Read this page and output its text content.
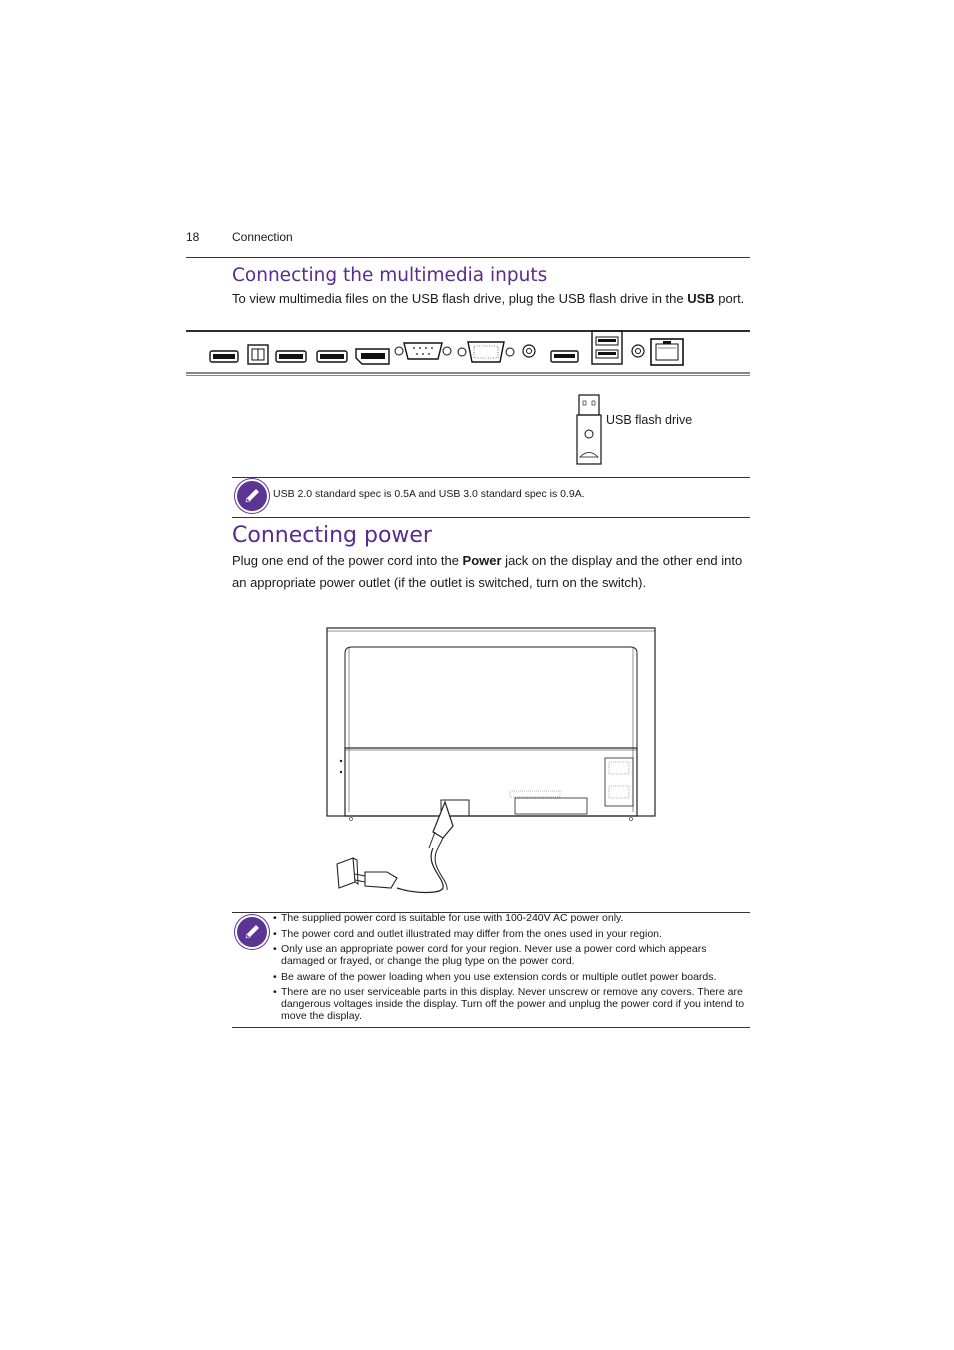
18	Connection
Connecting the multimedia inputs
To view multimedia files on the USB flash drive, plug the USB flash drive in the USB port.
USB flash drive
USB 2.0 standard spec is 0.5A and USB 3.0 standard spec is 0.9A.
Connecting power
Plug one end of the power cord into the Power jack on the display and the other end into an appropriate power outlet (if the outlet is switched, turn on the switch).
• The supplied power cord is suitable for use with 100-240V AC power only.
• The power cord and outlet illustrated may differ from the ones used in your region.
• Only use an appropriate power cord for your region. Never use a power cord which appears damaged or frayed, or change the plug type on the power cord.
• Be aware of the power loading when you use extension cords or multiple outlet power boards.
• There are no user serviceable parts in this display. Never unscrew or remove any covers. There are dangerous voltages inside the display. Turn off the power and unplug the power cord if you intend to move the display.
